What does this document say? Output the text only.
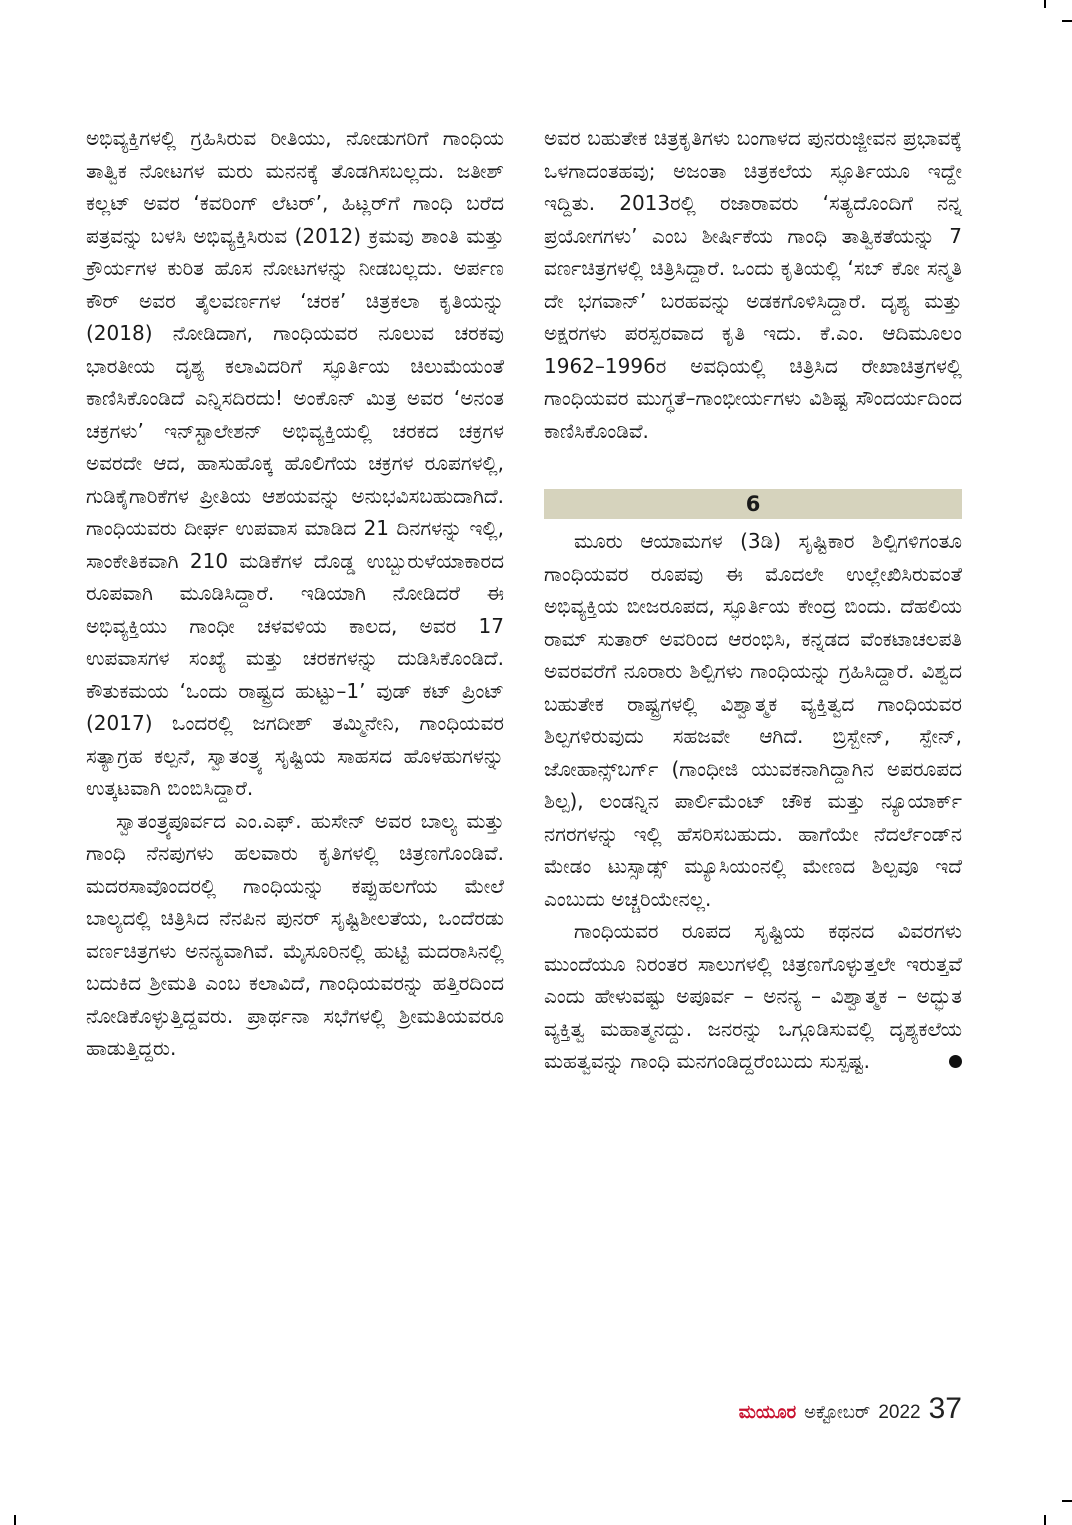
ಅಭಿವ್ಯಕ್ತಿಗಳಲ್ಲಿ ಗ್ರಹಿಸಿರುವ ರೀತಿಯು, ನೋಡುಗರಿಗೆ ಗಾಂಧಿಯ ತಾತ್ವಿಕ ನೋಟಗಳ ಮರು ಮನನಕ್ಕೆ ತೊಡಗಿಸಬಲ್ಲದು. ಜತೀಶ್ ಕಲ್ಲಟ್ ಅವರ ‘ಕವರಿಂಗ್ ಲೆಟರ್’, ಹಿಟ್ಲರ್‌ಗೆ ಗಾಂಧಿ ಬರೆದ ಪತ್ರವನ್ನು ಬಳಸಿ ಅಭಿವ್ಯಕ್ತಿಸಿರುವ (2012) ಕ್ರಮವು ಶಾಂತಿ ಮತ್ತು ಕ್ರೌರ್ಯಗಳ ಕುರಿತ ಹೊಸ ನೋಟಗಳನ್ನು ನೀಡಬಲ್ಲದು. ಅರ್ಪಣ ಕೌರ್ ಅವರ ತೈಲವರ್ಣಗಳ ‘ಚರಕ’ ಚಿತ್ರಕಲಾ ಕೃತಿಯನ್ನು (2018) ನೋಡಿದಾಗ, ಗಾಂಧಿಯವರ ನೂಲುವ ಚರಕವು ಭಾರತೀಯ ದೃಶ್ಯ ಕಲಾವಿದರಿಗೆ ಸ್ಫೂರ್ತಿಯ ಚಿಲುಮೆಯಂತೆ ಕಾಣಿಸಿಕೊಂಡಿದೆ ಎನ್ನಿಸದಿರದು! ಅಂಕೊನ್ ಮಿತ್ರ ಅವರ ‘ಅನಂತ ಚಕ್ರಗಳು’ ಇನ್‌ಸ್ಟಾಲೇಶನ್ ಅಭಿವ್ಯಕ್ತಿಯಲ್ಲಿ ಚರಕದ ಚಕ್ರಗಳ ಅವರದೇ ಆದ, ಹಾಸುಹೊಕ್ಕ ಹೊಲಿಗೆಯ ಚಕ್ರಗಳ ರೂಪಗಳಲ್ಲಿ, ಗುಡಿಕೈಗಾರಿಕೆಗಳ ಪ್ರೀತಿಯ ಆಶಯವನ್ನು ಅನುಭವಿಸಬಹುದಾಗಿದೆ. ಗಾಂಧಿಯವರು ದೀರ್ಘ ಉಪವಾಸ ಮಾಡಿದ 21 ದಿನಗಳನ್ನು ಇಲ್ಲಿ, ಸಾಂಕೇತಿಕವಾಗಿ 210 ಮಡಿಕೆಗಳ ದೊಡ್ಡ ಉಬ್ಬುರುಳೆಯಾಕಾರದ ರೂಪವಾಗಿ ಮೂಡಿಸಿದ್ದಾರೆ. ಇಡಿಯಾಗಿ ನೋಡಿದರೆ ಈ ಅಭಿವ್ಯಕ್ತಿಯು ಗಾಂಧೀ ಚಳವಳಿಯ ಕಾಲದ, ಅವರ 17 ಉಪವಾಸಗಳ ಸಂಖ್ಯೆ ಮತ್ತು ಚರಕಗಳನ್ನು ದುಡಿಸಿಕೊಂಡಿದೆ. ಕೌತುಕಮಯ ‘ಒಂದು ರಾಷ್ಟ್ರದ ಹುಟ್ಟು–1’ ವುಡ್ ಕಟ್ ಪ್ರಿಂಟ್ (2017) ಒಂದರಲ್ಲಿ ಜಗದೀಶ್ ತಮ್ಮಿನೇನಿ, ಗಾಂಧಿಯವರ ಸತ್ಯಾಗ್ರಹ ಕಲ್ಪನೆ, ಸ್ವಾತಂತ್ರ್ಯ ಸೃಷ್ಟಿಯ ಸಾಹಸದ ಹೊಳಹುಗಳನ್ನು ಉತ್ಕಟವಾಗಿ ಬಿಂಬಿಸಿದ್ದಾರೆ.

ಸ್ವಾತಂತ್ರ್ಯಪೂರ್ವದ ಎಂ.ಎಫ್. ಹುಸೇನ್ ಅವರ ಬಾಲ್ಯ ಮತ್ತು ಗಾಂಧಿ ನೆನಪುಗಳು ಹಲವಾರು ಕೃತಿಗಳಲ್ಲಿ ಚಿತ್ರಣಗೊಂಡಿವೆ. ಮದರಸಾವೊಂದರಲ್ಲಿ ಗಾಂಧಿಯನ್ನು ಕಪ್ಪುಹಲಗೆಯ ಮೇಲೆ ಬಾಲ್ಯದಲ್ಲಿ ಚಿತ್ರಿಸಿದ ನೆನಪಿನ ಪುನರ್ ಸೃಷ್ಟಿಶೀಲತೆಯ, ಒಂದೆರಡು ವರ್ಣಚಿತ್ರಗಳು ಅನನ್ಯವಾಗಿವೆ. ಮೈಸೂರಿನಲ್ಲಿ ಹುಟ್ಟಿ ಮದರಾಸಿನಲ್ಲಿ ಬದುಕಿದ ಶ್ರೀಮತಿ ಎಂಬ ಕಲಾವಿದೆ, ಗಾಂಧಿಯವರನ್ನು ಹತ್ತಿರದಿಂದ ನೋಡಿಕೊಳ್ಳುತ್ತಿದ್ದವರು. ಪ್ರಾರ್ಥನಾ ಸಭೆಗಳಲ್ಲಿ ಶ್ರೀಮತಿಯವರೂ ಹಾಡುತ್ತಿದ್ದರು.

ಅವರ ಬಹುತೇಕ ಚಿತ್ರಕೃತಿಗಳು ಬಂಗಾಳದ ಪುನರುಜ್ಜೀವನ ಪ್ರಭಾವಕ್ಕೆ ಒಳಗಾದಂತಹವು; ಅಜಂತಾ ಚಿತ್ರಕಲೆಯ ಸ್ಫೂರ್ತಿಯೂ ಇದ್ದೇ ಇದ್ದಿತು. 2013ರಲ್ಲಿ ರಜಾರಾವರು ‘ಸತ್ಯದೊಂದಿಗೆ ನನ್ನ ಪ್ರಯೋಗಗಳು’ ಎಂಬ ಶೀರ್ಷಿಕೆಯ ಗಾಂಧಿ ತಾತ್ವಿಕತೆಯನ್ನು 7 ವರ್ಣಚಿತ್ರಗಳಲ್ಲಿ ಚಿತ್ರಿಸಿದ್ದಾರೆ. ಒಂದು ಕೃತಿಯಲ್ಲಿ ‘ಸಬ್ ಕೋ ಸನ್ಮತಿ ದೇ ಭಗವಾನ್’ ಬರಹವನ್ನು ಅಡಕಗೊಳಿಸಿದ್ದಾರೆ. ದೃಶ್ಯ ಮತ್ತು ಅಕ್ಷರಗಳು ಪರಸ್ಪರವಾದ ಕೃತಿ ಇದು. ಕೆ.ಎಂ. ಆದಿಮೂಲಂ 1962–1996ರ ಅವಧಿಯಲ್ಲಿ ಚಿತ್ರಿಸಿದ ರೇಖಾಚಿತ್ರಗಳಲ್ಲಿ ಗಾಂಧಿಯವರ ಮುಗ್ಧತೆ–ಗಾಂಭೀರ್ಯಗಳು ವಿಶಿಷ್ಟ ಸೌಂದರ್ಯದಿಂದ ಕಾಣಿಸಿಕೊಂಡಿವೆ.

6

ಮೂರು ಆಯಾಮಗಳ (3ಡಿ) ಸೃಷ್ಟಿಕಾರ ಶಿಲ್ಪಿಗಳಿಗಂತೂ ಗಾಂಧಿಯವರ ರೂಪವು ಈ ಮೊದಲೇ ಉಲ್ಲೇಖಿಸಿರುವಂತೆ ಅಭಿವ್ಯಕ್ತಿಯ ಬೀಜರೂಪದ, ಸ್ಫೂರ್ತಿಯ ಕೇಂದ್ರ ಬಿಂದು. ದೆಹಲಿಯ ರಾಮ್ ಸುತಾರ್ ಅವರಿಂದ ಆರಂಭಿಸಿ, ಕನ್ನಡದ ವೆಂಕಟಾಚಲಪತಿ ಅವರವರೆಗೆ ನೂರಾರು ಶಿಲ್ಪಿಗಳು ಗಾಂಧಿಯನ್ನು ಗ್ರಹಿಸಿದ್ದಾರೆ. ವಿಶ್ವದ ಬಹುತೇಕ ರಾಷ್ಟ್ರಗಳಲ್ಲಿ ವಿಶ್ವಾತ್ಮಕ ವ್ಯಕ್ತಿತ್ವದ ಗಾಂಧಿಯವರ ಶಿಲ್ಪಗಳಿರುವುದು ಸಹಜವೇ ಆಗಿದೆ. ಬ್ರಿಸ್ಬೇನ್, ಸ್ಪೇನ್, ಜೋಹಾನ್ಸ್‌ಬರ್ಗ್ (ಗಾಂಧೀಜಿ ಯುವಕನಾಗಿದ್ದಾಗಿನ ಅಪರೂಪದ ಶಿಲ್ಪ), ಲಂಡನ್ನಿನ ಪಾರ್ಲಿಮೆಂಟ್ ಚೌಕ ಮತ್ತು ನ್ಯೂಯಾರ್ಕ್ ನಗರಗಳನ್ನು ಇಲ್ಲಿ ಹೆಸರಿಸಬಹುದು. ಹಾಗೆಯೇ ನೆದರ್ಲೆಂಡ್‌ನ ಮೇಡಂ ಟುಸ್ಸಾಡ್ಸ್ ಮ್ಯೂಸಿಯಂನಲ್ಲಿ ಮೇಣದ ಶಿಲ್ಪವೂ ಇದೆ ಎಂಬುದು ಅಚ್ಚರಿಯೇನಲ್ಲ.

ಗಾಂಧಿಯವರ ರೂಪದ ಸೃಷ್ಟಿಯ ಕಥನದ ವಿವರಗಳು ಮುಂದೆಯೂ ನಿರಂತರ ಸಾಲುಗಳಲ್ಲಿ ಚಿತ್ರಣಗೊಳ್ಳುತ್ತಲೇ ಇರುತ್ತವೆ ಎಂದು ಹೇಳುವಷ್ಟು ಅಪೂರ್ವ – ಅನನ್ಯ – ವಿಶ್ವಾತ್ಮಕ – ಅದ್ಭುತ ವ್ಯಕ್ತಿತ್ವ ಮಹಾತ್ಮನದ್ದು. ಜನರನ್ನು ಒಗ್ಗೂಡಿಸುವಲ್ಲಿ ದೃಶ್ಯಕಲೆಯ ಮಹತ್ವವನ್ನು ಗಾಂಧಿ ಮನಗಂಡಿದ್ದರೆಂಬುದು ಸುಸ್ಪಷ್ಟ.

ಮಯೂರ ಅಕ್ಟೋಬರ್ 2022 37
